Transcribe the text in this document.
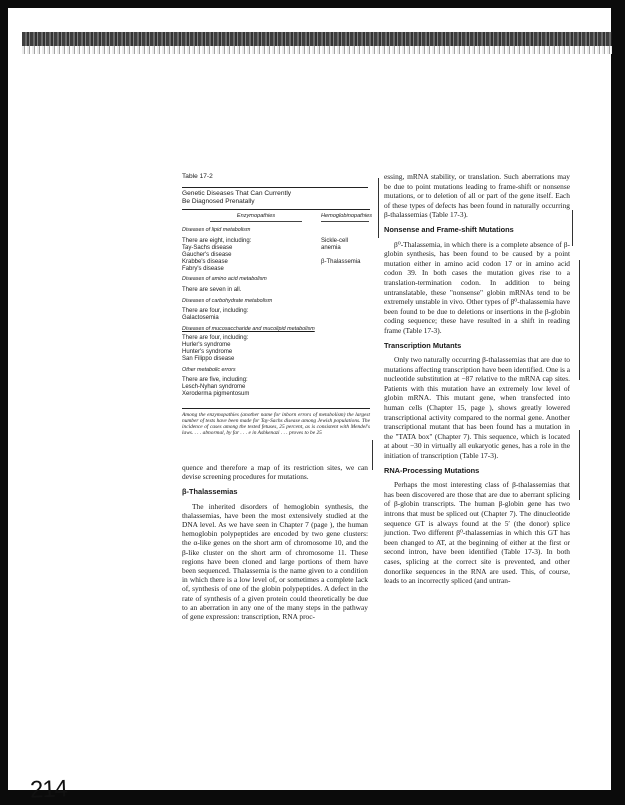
Table 17-2
Genetic Diseases That Can Currently
Be Diagnosed Prenatally
Enzymopathies	Hemoglobinopathies
Diseases of lipid metabolism
There are eight, including:
Tay-Sachs disease
Gaucher's disease
Krabbe's disease
Fabry's disease
Sickle-cell anemia
β-Thalassemia
Diseases of amino acid metabolism
There are seven in all.
Diseases of carbohydrate metabolism
There are four, including:
Galactosemia
Diseases of mucosaccharide and mucolipid metabolism
There are four, including:
Hurler's syndrome
Hunter's syndrome
San Filippo disease
Other metabolic errors
There are five, including:
Lesch-Nyhan syndrome
Xeroderma pigmentosum
Among the enzymopathies (another name for inborn errors of metabolism) the largest number of tests have been made for Tay-Sachs disease among Jewish populations. The incidence of cases among the tested fetuses, 25 percent, as is consistent with Mendel's laws. . . . abnormal, by far . . . e in Ashkenazi . . . proves to be 25

quence and therefore a map of its restriction sites, we can devise screening procedures for mutations.

β-Thalassemias

The inherited disorders of hemoglobin synthesis, the thalassemias, have been the most extensively studied at the DNA level. As we have seen in Chapter 7 (page ), the human hemoglobin polypeptides are encoded by two gene clusters: the α-like genes on the short arm of chromosome 10, and the β-like cluster on the short arm of chromosome 11. These regions have been cloned and large portions of them have been sequenced. Thalassemia is the name given to a condition in which there is a low level of, or sometimes a complete lack of, synthesis of one of the globin polypeptides. A defect in the rate of synthesis of a given protein could theoretically be due to an aberration in any one of the many steps in the pathway of gene expression: transcription, RNA proc-

essing, mRNA stability, or translation. Such aberrations may be due to point mutations leading to frame-shift or nonsense mutations, or to deletion of all or part of the gene itself. Each of these types of defects has been found in naturally occurring β-thalassemias (Table 17-3).

Nonsense and Frame-shift Mutations

β⁰-Thalassemia, in which there is a complete absence of β-globin synthesis, has been found to be caused by a point mutation either in amino acid codon 17 or in amino acid codon 39. In both cases the mutation gives rise to a translation-termination codon. In addition to being untranslatable, these "nonsense" globin mRNAs tend to be extremely unstable in vivo. Other types of β⁰-thalassemia have been found to be due to deletions or insertions in the β-globin coding sequence; these have resulted in a shift in reading frame (Table 17-3).

Transcription Mutants

Only two naturally occurring β-thalassemias that are due to mutations affecting transcription have been identified. One is a nucleotide substitution at −87 relative to the mRNA cap sites. Patients with this mutation have an extremely low level of globin mRNA. This mutant gene, when transfected into human cells (Chapter 15, page ), shows greatly lowered transcriptional activity compared to the normal gene. Another transcriptional mutant that has been found has a mutation in the "TATA box" (Chapter 7). This sequence, which is located at about −30 in virtually all eukaryotic genes, has a role in the initiation of transcription (Table 17-3).

RNA-Processing Mutations

Perhaps the most interesting class of β-thalassemias that has been discovered are those that are due to aberrant splicing of β-globin transcripts. The human β-globin gene has two introns that must be spliced out (Chapter 7). The dinucleotide sequence GT is always found at the 5′ (the donor) splice junction. Two different β⁰-thalassemias in which this GT has been changed to AT, at the beginning of either at the first or second intron, have been identified (Table 17-3). In both cases, splicing at the correct site is prevented, and other donorlike sequences in the RNA are used. This, of course, leads to an incorrectly spliced (and untran-

214
